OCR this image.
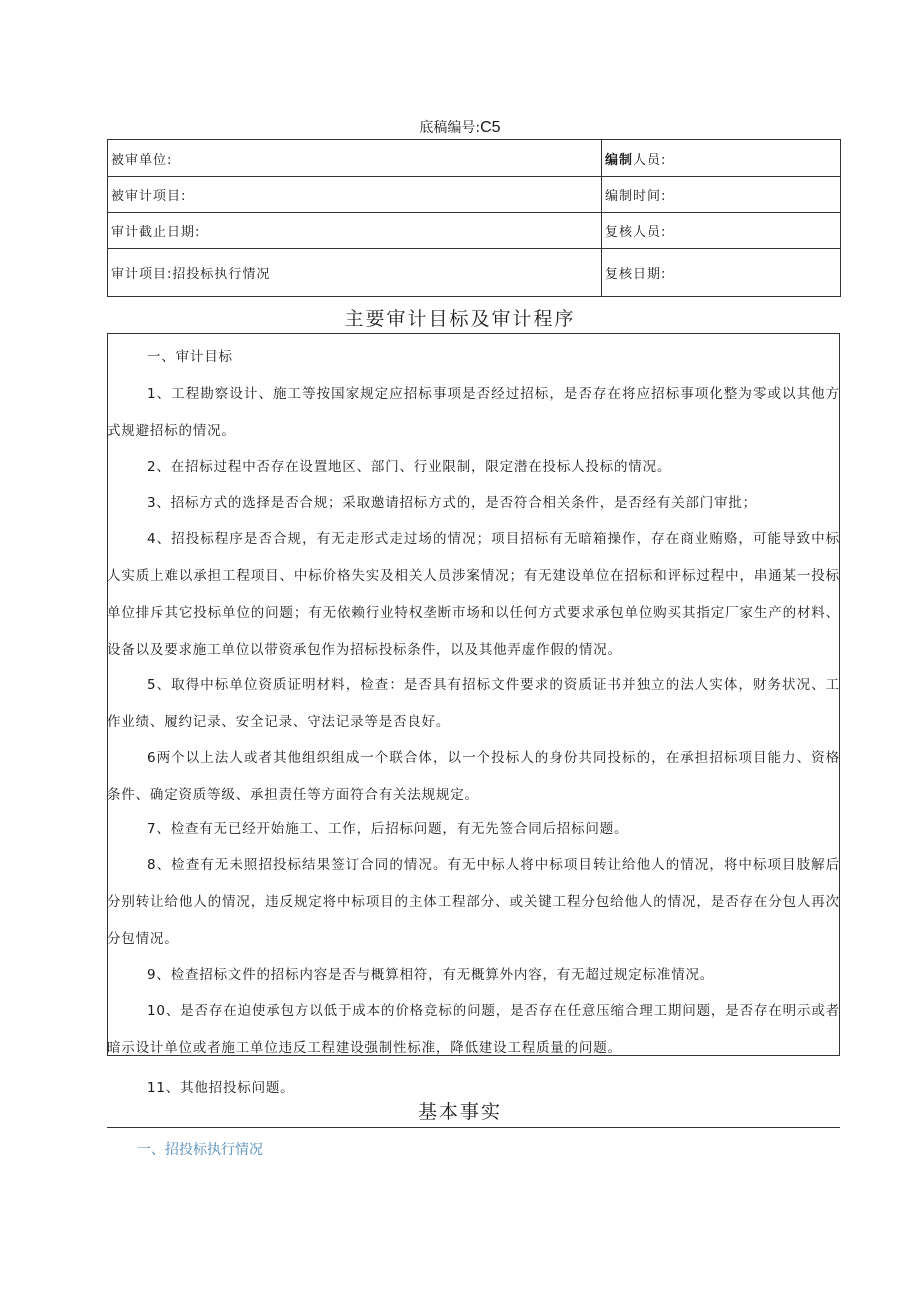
底稿编号:C5
被审单位:	编制人员:
被审计项目:	编制时间:
审计截止日期:	复核人员:
审计项目:招投标执行情况	复核日期:
主要审计目标及审计程序

一、审计目标

1、工程勘察设计、施工等按国家规定应招标事项是否经过招标，是否存在将应招标事项化整为零或以其他方式规避招标的情况。

2、在招标过程中否存在设置地区、部门、行业限制，限定潜在投标人投标的情况。

3、招标方式的选择是否合规；采取邀请招标方式的，是否符合相关条件，是否经有关部门审批；

4、招投标程序是否合规，有无走形式走过场的情况；项目招标有无暗箱操作，存在商业贿赂，可能导致中标人实质上难以承担工程项目、中标价格失实及相关人员涉案情况；有无建设单位在招标和评标过程中，串通某一投标单位排斥其它投标单位的问题；有无依赖行业特权垄断市场和以任何方式要求承包单位购买其指定厂家生产的材料、设备以及要求施工单位以带资承包作为招标投标条件，以及其他弄虚作假的情况。

5、取得中标单位资质证明材料，检查：是否具有招标文件要求的资质证书并独立的法人实体，财务状况、工作业绩、履约记录、安全记录、守法记录等是否良好。

6两个以上法人或者其他组织组成一个联合体，以一个投标人的身份共同投标的，在承担招标项目能力、资格条件、确定资质等级、承担责任等方面符合有关法规规定。

7、检查有无已经开始施工、工作，后招标问题，有无先签合同后招标问题。

8、检查有无未照招投标结果签订合同的情况。有无中标人将中标项目转让给他人的情况，将中标项目肢解后分别转让给他人的情况，违反规定将中标项目的主体工程部分、或关键工程分包给他人的情况，是否存在分包人再次分包情况。

9、检查招标文件的招标内容是否与概算相符，有无概算外内容，有无超过规定标准情况。

10、是否存在迫使承包方以低于成本的价格竞标的问题，是否存在任意压缩合理工期问题，是否存在明示或者暗示设计单位或者施工单位违反工程建设强制性标准，降低建设工程质量的问题。

11、其他招投标问题。

基本事实
一、招投标执行情况
